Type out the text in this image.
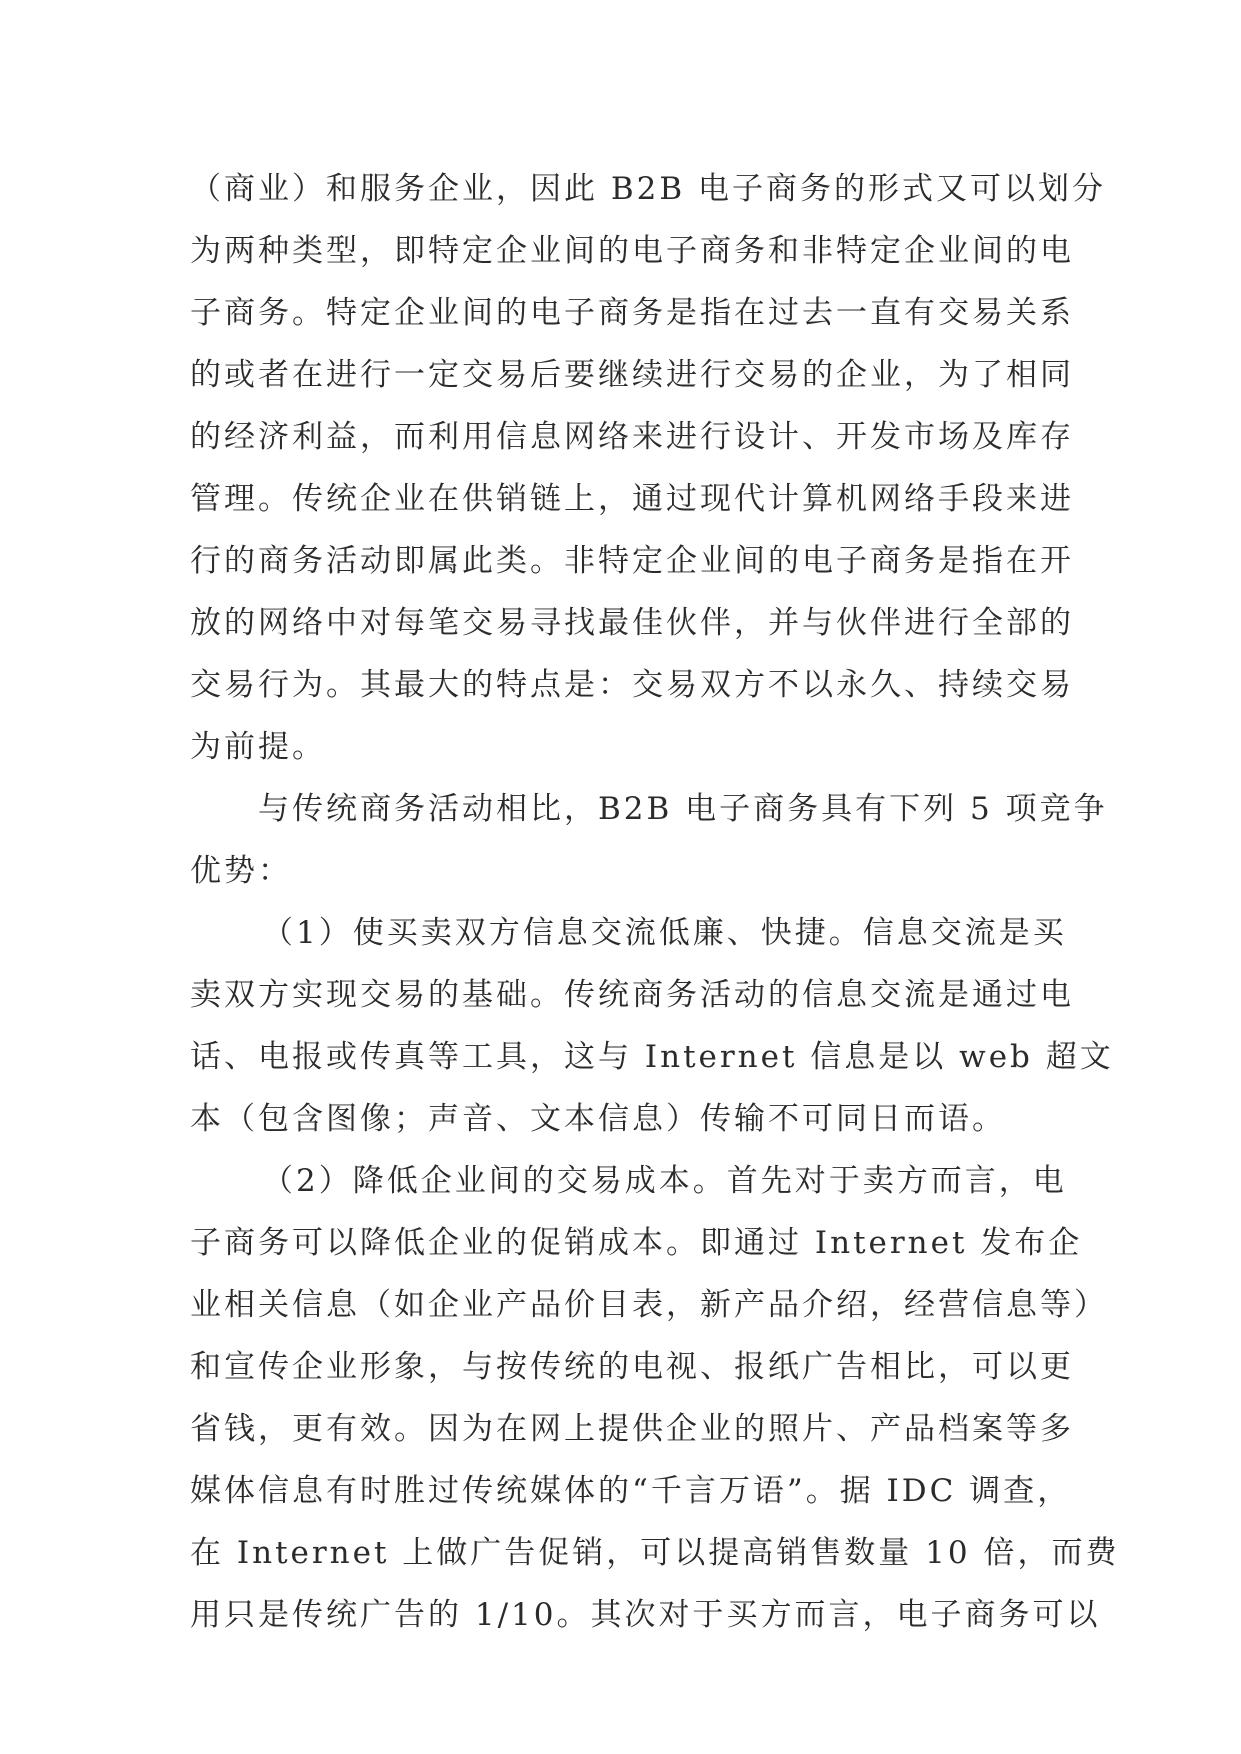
（商业）和服务企业，因此 B2B 电子商务的形式又可以划分
为两种类型，即特定企业间的电子商务和非特定企业间的电
子商务。特定企业间的电子商务是指在过去一直有交易关系
的或者在进行一定交易后要继续进行交易的企业，为了相同
的经济利益，而利用信息网络来进行设计、开发市场及库存
管理。传统企业在供销链上，通过现代计算机网络手段来进
行的商务活动即属此类。非特定企业间的电子商务是指在开
放的网络中对每笔交易寻找最佳伙伴，并与伙伴进行全部的
交易行为。其最大的特点是：交易双方不以永久、持续交易
为前提。
与传统商务活动相比，B2B 电子商务具有下列 5 项竞争
优势：
（1）使买卖双方信息交流低廉、快捷。信息交流是买
卖双方实现交易的基础。传统商务活动的信息交流是通过电
话、电报或传真等工具，这与 Internet 信息是以 web 超文
本（包含图像；声音、文本信息）传输不可同日而语。
（2）降低企业间的交易成本。首先对于卖方而言，电
子商务可以降低企业的促销成本。即通过 Internet 发布企
业相关信息（如企业产品价目表，新产品介绍，经营信息等）
和宣传企业形象，与按传统的电视、报纸广告相比，可以更
省钱，更有效。因为在网上提供企业的照片、产品档案等多
媒体信息有时胜过传统媒体的“千言万语”。据 IDC 调查，
在 Internet 上做广告促销，可以提高销售数量 10 倍，而费
用只是传统广告的 1/10。其次对于买方而言，电子商务可以
